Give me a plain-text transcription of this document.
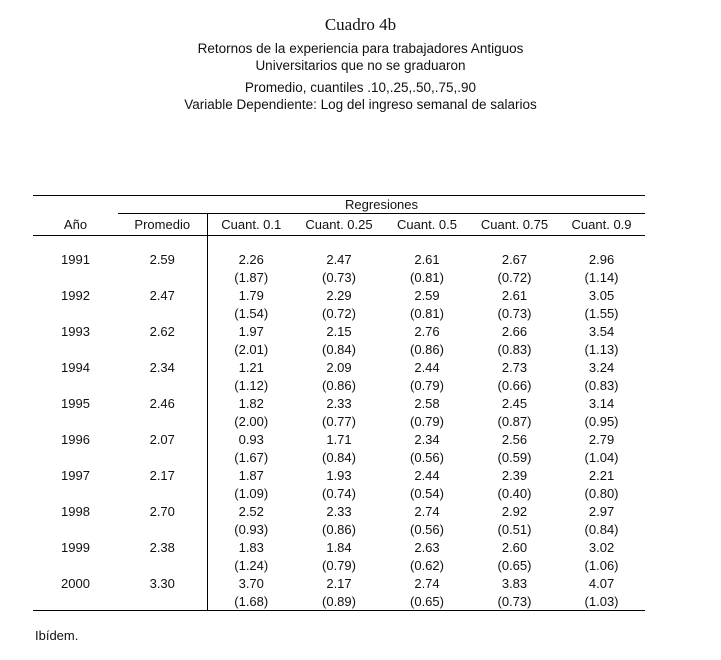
Cuadro 4b
Retornos de la experiencia para trabajadores Antiguos
Universitarios que no se graduaron
Promedio, cuantiles .10,.25,.50,.75,.90
Variable Dependiente: Log del ingreso semanal de salarios
	Regresiones					
Año	Promedio	Cuant. 0.1	Cuant. 0.25	Cuant. 0.5	Cuant. 0.75	Cuant. 0.9

1991	2.59	2.26	2.47	2.61	2.67	2.96
		(1.87)	(0.73)	(0.81)	(0.72)	(1.14)
1992	2.47	1.79	2.29	2.59	2.61	3.05
		(1.54)	(0.72)	(0.81)	(0.73)	(1.55)
1993	2.62	1.97	2.15	2.76	2.66	3.54
		(2.01)	(0.84)	(0.86)	(0.83)	(1.13)
1994	2.34	1.21	2.09	2.44	2.73	3.24
		(1.12)	(0.86)	(0.79)	(0.66)	(0.83)
1995	2.46	1.82	2.33	2.58	2.45	3.14
		(2.00)	(0.77)	(0.79)	(0.87)	(0.95)
1996	2.07	0.93	1.71	2.34	2.56	2.79
		(1.67)	(0.84)	(0.56)	(0.59)	(1.04)
1997	2.17	1.87	1.93	2.44	2.39	2.21
		(1.09)	(0.74)	(0.54)	(0.40)	(0.80)
1998	2.70	2.52	2.33	2.74	2.92	2.97
		(0.93)	(0.86)	(0.56)	(0.51)	(0.84)
1999	2.38	1.83	1.84	2.63	2.60	3.02
		(1.24)	(0.79)	(0.62)	(0.65)	(1.06)
2000	3.30	3.70	2.17	2.74	3.83	4.07
		(1.68)	(0.89)	(0.65)	(0.73)	(1.03)
Ibídem.
